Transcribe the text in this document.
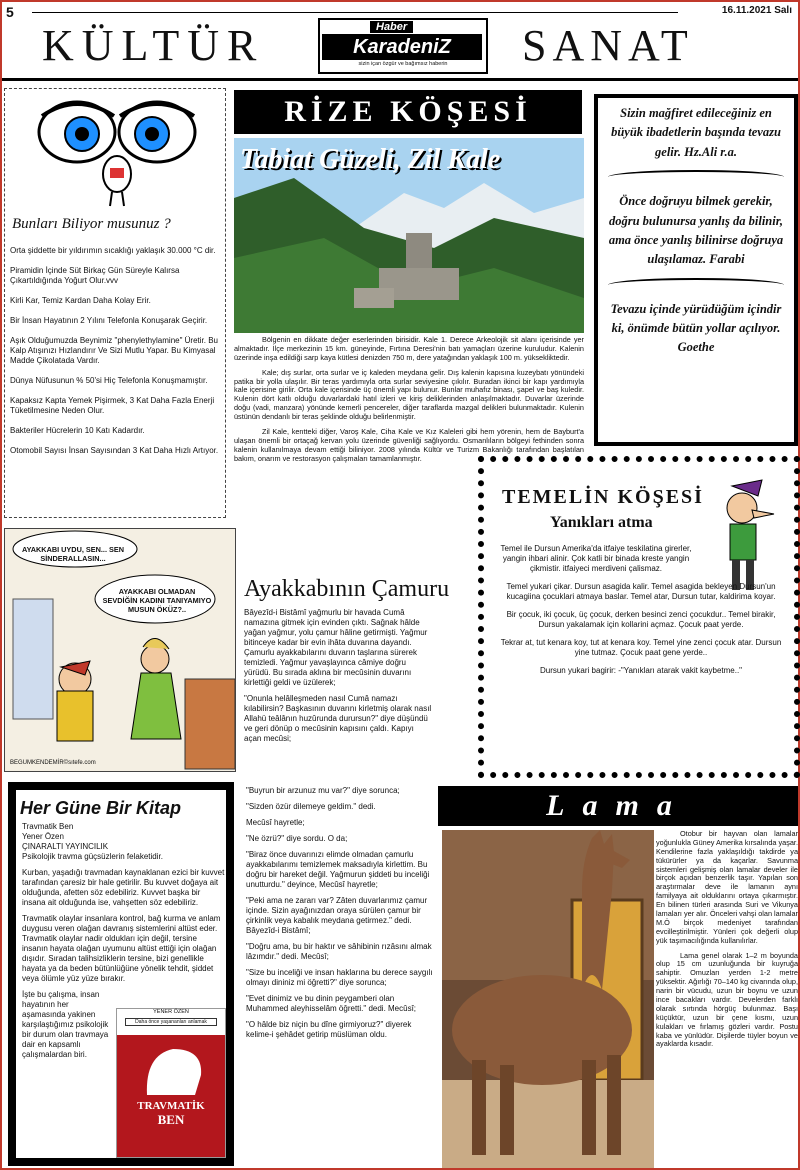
5	16.11.2021 Salı
KÜLTÜR	Haber
KaradeniZ
sizin içan özgür ve bağımsız haberin	SANAT
Bunları Biliyor musunuz ?

Orta şiddette bir yıldırımın sıcaklığı yaklaşık 30.000 °C dir.

Piramidin İçinde Süt Birkaç Gün Süreyle Kalırsa Çıkartıldığında Yoğurt Olur.vvv

Kirli Kar, Temiz Kardan Daha Kolay Erir.

Bir İnsan Hayatının 2 Yılını Telefonla Konuşarak Geçirir.

Aşık Olduğumuzda Beynimiz "phenylethylamine" Üretir. Bu Kalp Atışınızı Hızlandırır Ve Sizi Mutlu Yapar. Bu Kimyasal Madde Çikolatada Vardır.

Dünya Nüfusunun % 50'si Hiç Telefonla Konuşmamıştır.

Kapaksız Kapta Yemek Pişirmek, 3 Kat Daha Fazla Enerji Tüketilmesine Neden Olur.

Bakteriler Hücrelerin 10 Katı Kadardır.

Otomobil Sayısı İnsan Sayısından 3 Kat Daha Hızlı Artıyor.

RİZE KÖŞESİ
Tabiat Güzeli, Zil Kale

Bölgenin en dikkate değer eserlerinden birisidir. Kale 1. Derece Arkeolojik sit alanı içerisinde yer almaktadır. İlçe merkezinin 15 km. güneyinde, Fırtına Deresi'nin batı yamaçları üzerine kuruludur. Kalenin üzerinde inşa edildiği sarp kaya kütlesi denizden 750 m, dere yatağından yaklaşık 100 m. yüksekliktedir.

Kale; dış surlar, orta surlar ve iç kaleden meydana gelir. Dış kalenin kapısına kuzeybatı yönündeki patika bir yolla ulaşılır. Bir teras yardımıyla orta surlar seviyesine çıkılır. Buradan ikinci bir kapı yardımıyla kale içerisine girilir. Orta kale içerisinde üç önemli yapı bulunur. Bunlar muhafız binası, şapel ve baş kuledir. Kulenin dört katlı olduğu duvarlardaki hatıl izleri ve kiriş deliklerinden anlaşılmaktadır. Duvarlar üzerinde doğu (vadi, manzara) yönünde kemerli pencereler, diğer taraflarda mazgal delikleri bulunmaktadır. Kulenin üstünün dendanlı bir teras şeklinde olduğu belirlenmiştir.

Zil Kale, kentteki diğer, Varoş Kale, Ciha Kale ve Kız Kaleleri gibi hem yörenin, hem de Bayburt'a ulaşan önemli bir ortaçağ kervan yolu üzerinde güvenliği sağlıyordu. Osmanlıların bölgeyi fethinden sonra kalenin kullanılmaya devam ettiği biliniyor. 2008 yılında Kültür ve Turizm Bakanlığı tarafından başlatılan bakım, onarım ve restorasyon çalışmaları tamamlanmıştır.

Sizin mağfiret edileceğiniz en büyük ibadetlerin başında tevazu gelir. Hz.Ali r.a.
Önce doğruyu bilmek gerekir, doğru bulunursa yanlış da bilinir, ama önce yanlış bilinirse doğruya ulaşılamaz. Farabi
Tevazu içinde yürüdüğüm içindir ki, önümde bütün yollar açılıyor. Goethe
AYAKKABI UYDU, SEN... SEN SİNDERALLASIN...
AYAKKABI OLMADAN SEVDİĞİN KADINI TANIYAMIYO MUSUN ÖKÜZ?..
BEGUMKENDEMİR©sıtefe.com
TEMELİN KÖŞESİ
Yanıkları atma

Temel ile Dursun Amerika'da itfaiye teskilatina girerler, yangin ihbari alinir. Çok katli bir binada kreste yangin çikmistir. itfaiyeci merdiveni çalismaz.

Temel yukari çikar. Dursun asagida kalir. Temel asagida bekleyen Dursun'un kucagiina çocuklari atmaya baslar. Temel atar, Dursun tutar, kaldirima koyar.

Bir çocuk, iki çocuk, üç çocuk, derken besinci zenci çocukdur.. Temel birakir, Dursun yakalamak için kollarini açmaz. Çocuk paat yerde.

Tekrar at, tut kenara koy, tut at kenara koy. Temel yine zenci çocuk atar. Dursun yine tutmaz. Çocuk paat gene yerde..

Dursun yukari bagirir: -"Yanıkları atarak vakit kaybetme.."

Ayakkabının Çamuru

Bâyezîd-i Bistâmî yağmurlu bir havada Cumâ namazına gitmek için evinden çıktı. Sağnak hâlde yağan yağmur, yolu çamur hâline getirmişti. Yağmur bitinceye kadar bir evin ihâta duvarına dayandı. Çamurlu ayakkabılarını duvarın taşlarına sürerek temizledi. Yağmur yavaşlayınca câmiye doğru yürüdü. Bu sırada aklına bir mecûsinin duvarını kirlettiği geldi ve üzülerek;

"Onunla helâlleşmeden nasıl Cumâ namazı kılabilirsin? Başkasının duvarını kirletmiş olarak nasıl Allahü teâlânın huzûrunda durursun?" diye düşündü ve geri dönüp o mecûsinin kapısını çaldı. Kapıyı açan mecûsi;

"Buyrun bir arzunuz mu var?" diye sorunca;

"Sizden özür dilemeye geldim." dedi.

Mecûsî hayretle;

"Ne özrü?" diye sordu. O da;

"Biraz önce duvarınızı elimde olmadan çamurlu ayakkabılarımı temizlemek maksadıyla kirlettim. Bu doğru bir hareket değil. Yağmurun şiddeti bu inceliği unutturdu." deyince, Mecûsî hayretle;

"Peki ama ne zararı var? Zâten duvarlarımız çamur içinde. Sizin ayağınızdan oraya sürülen çamur bir çirkinlik veya kabalık meydana getirmez." dedi. Bâyezîd-i Bistâmî;

"Doğru ama, bu bir haktır ve sâhibinin rızâsını almak lâzımdır." dedi. Mecûsî;

"Size bu inceliği ve insan haklarına bu derece saygılı olmayı dininiz mi öğretti?" diye sorunca;

"Evet dinimiz ve bu dinin peygamberi olan Muhammed aleyhisselâm öğretti." dedi. Mecûsî;

"O hâlde biz niçin bu dîne girmiyoruz?" diyerek kelime-i şehâdet getirip müslüman oldu.

Her Güne Bir Kitap
Travmatik Ben
Yener Özen
ÇINARALTI YAYINCILIK

Psikolojik travma güçsüzlerin felaketidir.

Kurban, yaşadığı travmadan kaynaklanan ezici bir kuvvet tarafından çaresiz bir hale getirilir. Bu kuvvet doğaya ait olduğunda, afetten söz edebiliriz. Kuvvet başka bir insana ait olduğunda ise, vahşetten söz edebiliriz.

Travmatik olaylar insanlara kontrol, bağ kurma ve anlam duygusu veren olağan davranış sistemlerini altüst eder. Travmatik olaylar nadir oldukları için değil, tersine insanın hayata olağan uyumunu altüst ettiği için olağan dışıdır. Sıradan talihsizliklerin tersine, bizi genellikle hayata ya da beden bütünlüğüne yönelik tehdit, şiddet veya ölümle yüz yüze bırakır.

İşte bu çalışma, insan hayatının her aşamasında yakinen karşılaştığımız psikolojik bir durum olan travmaya dair en kapsamlı çalışmalardan biri.

YENER ÖZEN
Daha önce yaşananları anlamak
TRAVMATİK
BEN
Lama

Otobur bir hayvan olan lamalar yoğunlukla Güney Amerika kırsalında yaşar. Kendilerine fazla yaklaşıldığı takdirde ya tükürürler ya da kaçarlar. Savunma sistemleri gelişmiş olan lamalar develer ile birçok açıdan benzerlik taşır. Yapılan son araştırmalar deve ile lamanın aynı familyaya ait olduklarını ortaya çıkarmıştır. En bilinen türleri arasında Suri ve Vikunya lamaları yer alır. Önceleri vahşi olan lamalar M.Ö birçok medeniyet tarafından evcilleştirilmiştir. Yünleri çok değerli olup yük taşımacılığında kullanılırlar.

Lama genel olarak 1–2 m boyunda olup 15 cm uzunluğunda bir kuyruğa sahiptir. Omuzları yerden 1-2 metre yüksektir. Ağırlığı 70–140 kg civarında olup, narin bir vücudu, uzun bir boynu ve uzun ince bacakları vardır. Develerden farklı olarak sırtında hörgüç bulunmaz. Başı küçüktür, uzun bir çene kısmı, uzun kulakları ve fırlamış gözleri vardır. Postu kaba ve yünlüdür. Dişilerde tüyler boyun ve ayaklarda kısadır.
